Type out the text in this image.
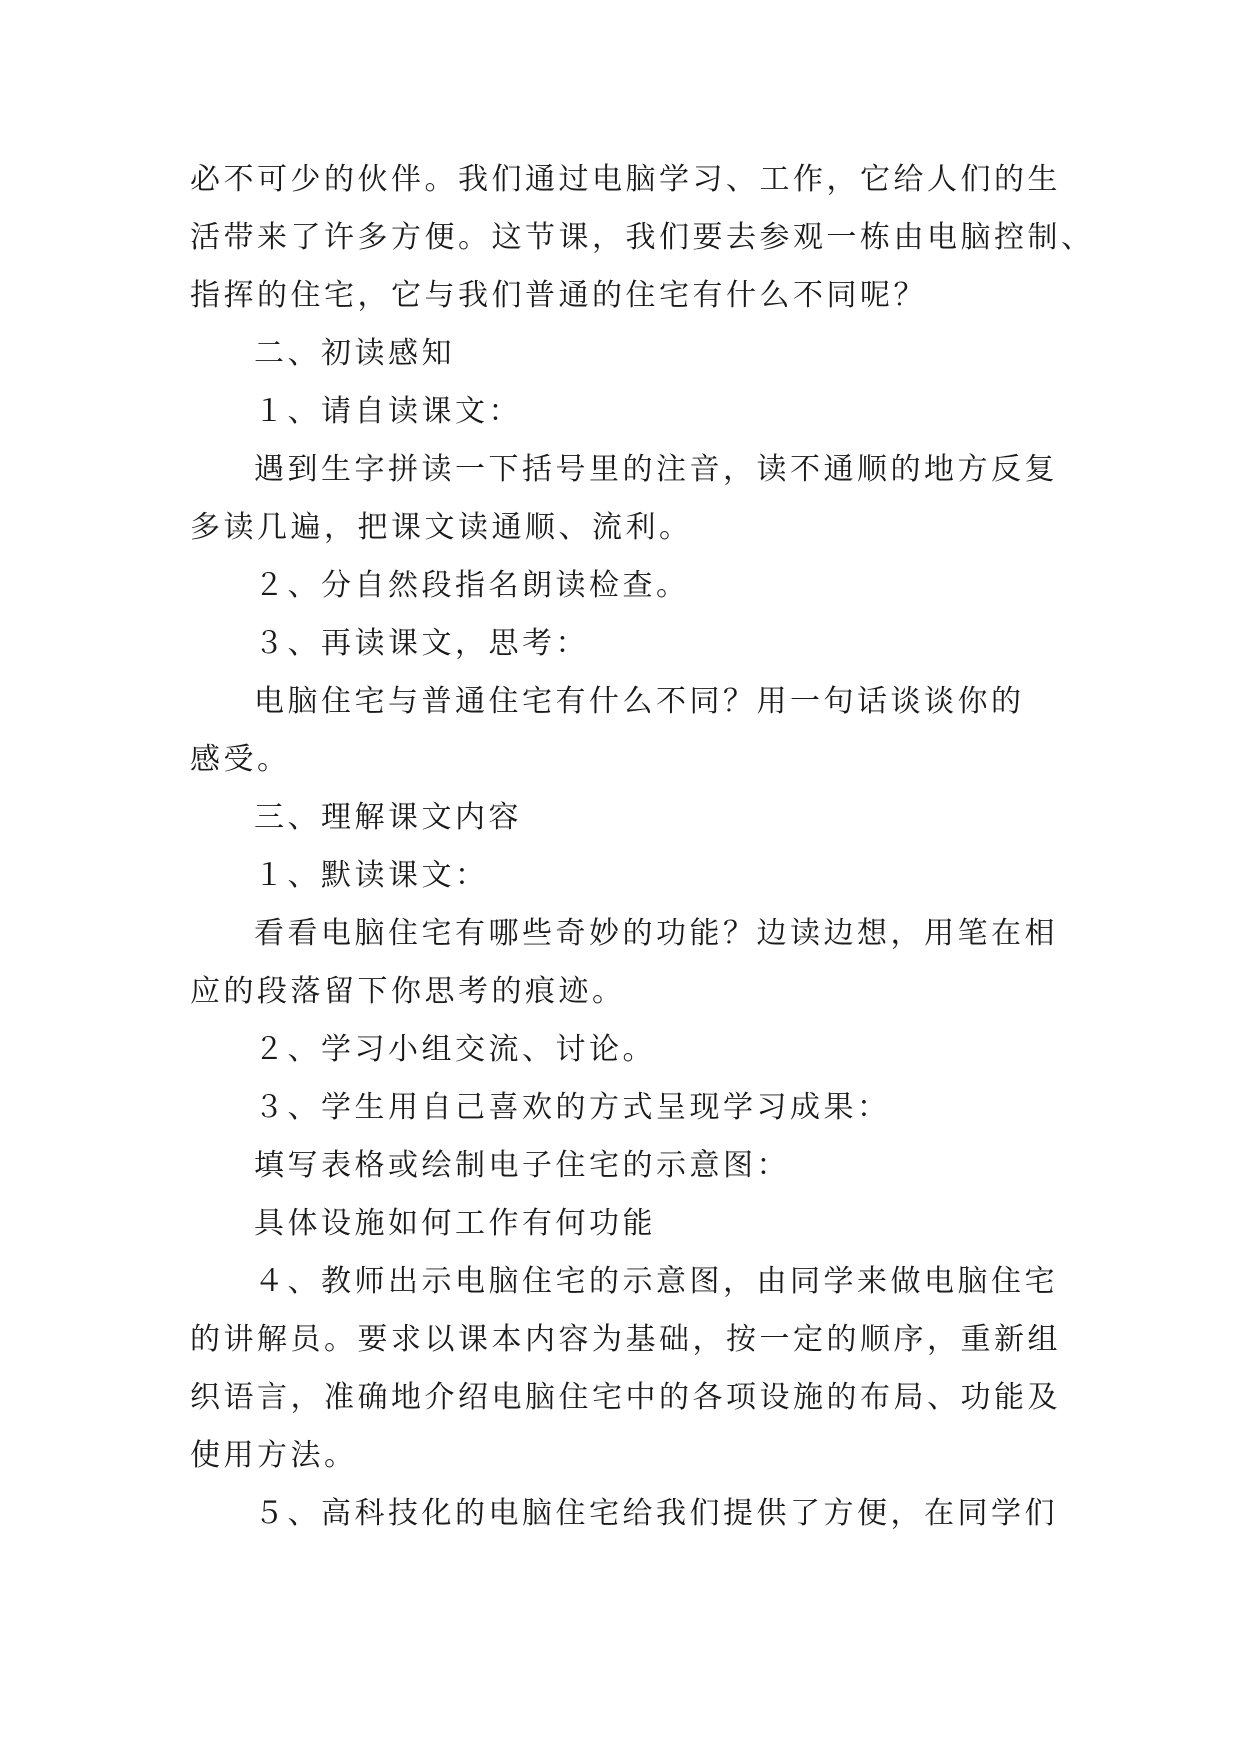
必不可少的伙伴。我们通过电脑学习、工作，它给人们的生

活带来了许多方便。这节课，我们要去参观一栋由电脑控制、

指挥的住宅，它与我们普通的住宅有什么不同呢？

二、初读感知

１、请自读课文：

遇到生字拼读一下括号里的注音，读不通顺的地方反复

多读几遍，把课文读通顺、流利。

２、分自然段指名朗读检查。

３、再读课文，思考：

电脑住宅与普通住宅有什么不同？用一句话谈谈你的

感受。

三、理解课文内容

１、默读课文：

看看电脑住宅有哪些奇妙的功能？边读边想，用笔在相

应的段落留下你思考的痕迹。

２、学习小组交流、讨论。

３、学生用自己喜欢的方式呈现学习成果：

填写表格或绘制电子住宅的示意图：

具体设施如何工作有何功能

４、教师出示电脑住宅的示意图，由同学来做电脑住宅

的讲解员。要求以课本内容为基础，按一定的顺序，重新组

织语言，准确地介绍电脑住宅中的各项设施的布局、功能及

使用方法。

５、高科技化的电脑住宅给我们提供了方便，在同学们
